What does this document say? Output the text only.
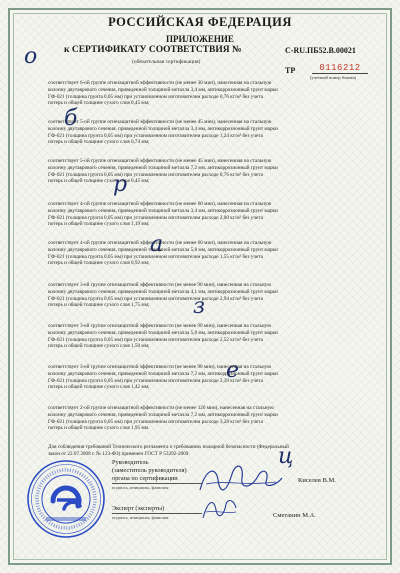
РОССИЙСКАЯ ФЕДЕРАЦИЯ
ПРИЛОЖЕНИЕ
к СЕРТИФИКАТУ СООТВЕТСТВИЯ №	C-RU.ПБ52.В.00021
(обязательная сертификация)
ТР	0116212
(учетный номер бланка)
о
б
р
а
з
е
ц
соответствует 6-ой группе огнезащитной эффективности (не менее 30 мин), нанесенная на стальную
колонну двутаврового сечения, приведенной толщиной металла 3,4 мм, антикоррозионный грунт марки
ГФ-021 (толщина грунта 0,05 мм) при установленном изготовителем расходе 0,76 кг/м² без учета
потерь и общей толщине сухого слоя 0,45 мм;
соответствует 5-ой группе огнезащитной эффективности (не менее 45 мин), нанесенная на стальную
колонну двутаврового сечения, приведенной толщиной металла 3,4 мм, антикоррозионный грунт марки
ГФ-021 (толщина грунта 0,05 мм) при установленном изготовителем расходе 1,24 кг/м² без учета
потерь и общей толщине сухого слоя 0,74 мм;
соответствует 5-ой группе огнезащитной эффективности (не менее 45 мин), нанесенная на стальную
колонну двутаврового сечения, приведенной толщиной металла 7,2 мм, антикоррозионный грунт марки
ГФ-021 (толщина грунта 0,05 мм) при установленном изготовителем расходе 0,76 кг/м² без учета
потерь и общей толщине сухого слоя 0,45 мм;
соответствует 4-ой группе огнезащитной эффективности (не менее 60 мин), нанесенная на стальную
колонну двутаврового сечения, приведенной толщиной металла 3,4 мм, антикоррозионный грунт марки
ГФ-021 (толщина грунта 0,05 мм) при установленном изготовителем расходе 2,00 кг/м² без учета
потерь и общей толщине сухого слоя 1,19 мм;
соответствует 4-ой группе огнезащитной эффективности (не менее 60 мин), нанесенная на стальную
колонну двутаврового сечения, приведенной толщиной металла 5,8 мм, антикоррозионный грунт марки
ГФ-021 (толщина грунта 0,05 мм) при установленном изготовителем расходе 1,55 кг/м² без учета
потерь и общей толщине сухого слоя 0,92 мм;
соответствует 3-ей группе огнезащитной эффективности (не менее 90 мин), нанесенная на стальную
колонну двутаврового сечения, приведенной толщиной металла 4,1 мм, антикоррозионный грунт марки
ГФ-021 (толщина грунта 0,05 мм) при установленном изготовителем расходе 2,94 кг/м² без учета
потерь и общей толщине сухого слоя 1,75 мм;
соответствует 3-ей группе огнезащитной эффективности (не менее 90 мин), нанесенная на стальную
колонну двутаврового сечения, приведенной толщиной металла 5,8 мм, антикоррозионный грунт марки
ГФ-021 (толщина грунта 0,05 мм) при установленном изготовителем расходе 2,52 кг/м² без учета
потерь и общей толщине сухого слоя 1,50 мм;
соответствует 3-ей группе огнезащитной эффективности (не менее 90 мин), нанесенная на стальную
колонну двутаврового сечения, приведенной толщиной металла 7,2 мм, антикоррозионный грунт марки
ГФ-021 (толщина грунта 0,05 мм) при установленном изготовителем расходе 2,39 кг/м² без учета
потерь и общей толщине сухого слоя 1,42 мм;
соответствует 2-ой группе огнезащитной эффективности (не менее 120 мин), нанесенная на стальную
колонну двутаврового сечения, приведенной толщиной металла 7,2 мм, антикоррозионный грунт марки
ГФ-021 (толщина грунта 0,05 мм) при установленном изготовителем расходе 3,28 кг/м² без учета
потерь и общей толщине сухого слоя 1,95 мм.
Для соблюдения требований Технического регламента о требованиях пожарной безопасности (Федеральный
закон от 22.07.2008 г. № 123-ФЗ) применен ГОСТ Р 53292-2009.
Руководитель
(заместитель руководителя)
органа по сертификации
подпись, инициалы, фамилия
Киселев В.М.
Эксперт (эксперты)
подпись, инициалы, фамилия	Сметанин М.А.
